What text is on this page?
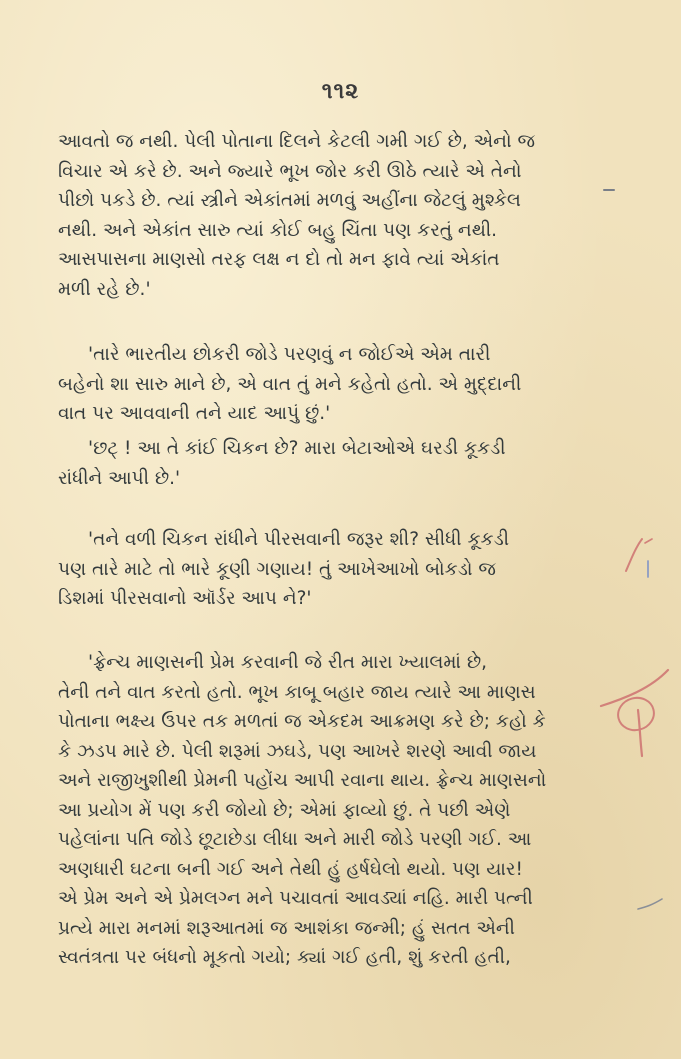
૧૧૨

આવતો જ નથી. પેલી પોતાના દિલને કેટલી ગમી ગઈ છે, એનો જ
વિચાર એ કરે છે. અને જ્યારે ભૂખ જોર કરી ઊઠે ત્યારે એ તેનો
પીછો પકડે છે. ત્યાં સ્ત્રીને એકાંતમાં મળવું અહીંના જેટલું મુશ્કેલ
નથી. અને એકાંત સારુ ત્યાં કોઈ બહુ ચિંતા પણ કરતું નથી.
આસપાસના માણસો તરફ લક્ષ ન દો તો મન ફાવે ત્યાં એકાંત
મળી રહે છે.'

'તારે ભારતીય છોકરી જોડે પરણવું ન જોઈએ એમ તારી
બહેનો શા સારુ માને છે, એ વાત તું મને કહેતો હતો. એ મુદ્દાની
વાત પર આવવાની તને યાદ આપું છું.'

'છટ્ ! આ તે કાંઈ ચિકન છે? મારા બેટાઓએ ઘરડી કૂકડી
રાંધીને આપી છે.'

'તને વળી ચિકન રાંધીને પીરસવાની જરૂર શી? સીધી કૂકડી
પણ તારે માટે તો ભારે કૂણી ગણાય! તું આખેઆખો બોકડો જ
ડિશમાં પીરસવાનો ઑર્ડર આપ ને?'

'ફ્રેન્ચ માણસની પ્રેમ કરવાની જે રીત મારા ખ્યાલમાં છે,
તેની તને વાત કરતો હતો. ભૂખ કાબૂ બહાર જાય ત્યારે આ માણસ
પોતાના ભક્ષ્ય ઉપર તક મળતાં જ એકદમ આક્રમણ કરે છે; કહો કે
કે ઝડપ મારે છે. પેલી શરૂમાં ઝઘડે, પણ આખરે શરણે આવી જાય
અને રાજીખુશીથી પ્રેમની પહોંચ આપી રવાના થાય. ફ્રેન્ચ માણસનો
આ પ્રયોગ મેં પણ કરી જોયો છે; એમાં ફાવ્યો છું. તે પછી એણે
પહેલાંના પતિ જોડે છૂટાછેડા લીધા અને મારી જોડે પરણી ગઈ. આ
અણધારી ઘટના બની ગઈ અને તેથી હું હર્ષઘેલો થયો. પણ યાર!
એ પ્રેમ અને એ પ્રેમલગ્ન મને પચાવતાં આવડ્યાં નહિ. મારી પત્ની
પ્રત્યે મારા મનમાં શરૂઆતમાં જ આશંકા જન્મી; હું સતત એની
સ્વતંત્રતા પર બંધનો મૂકતો ગયો; ક્યાં ગઈ હતી, શું કરતી હતી,
